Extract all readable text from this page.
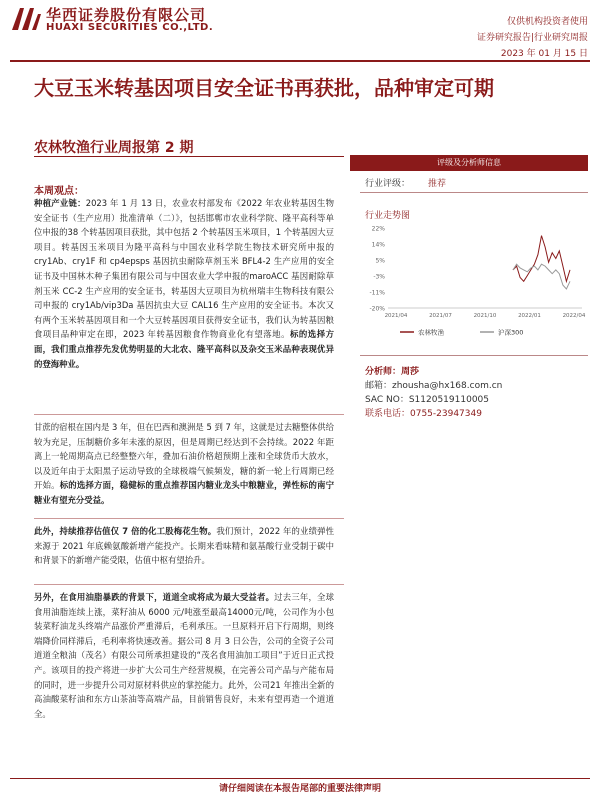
华西证券股份有限公司
HUAXI SECURITIES CO.,LTD.	仅供机构投资者使用
证券研究报告|行业研究周报
2023 年 01 月 15 日
大豆玉米转基因项目安全证书再获批，品种审定可期
农林牧渔行业周报第 2 期
评级及分析师信息
行业评级： 推荐
行业走势图
22%
14%
5%
-3%
-11%
-20%
2021/04	2021/07	2021/10	2022/01	2022/04
农林牧渔	沪深300
分析师：周莎
邮箱：zhousha@hx168.com.cn
SAC NO：S1120519110005
联系电话：0755-23947349
本周观点：
种植产业链：2023 年 1 月 13 日，农业农村部发布《2022 年农业转基因生物安全证书（生产应用）批准清单（二）》，包括邯郸市农业科学院、隆平高科等单位申报的38 个转基因项目获批，其中包括 2 个转基因玉米项目，1 个转基因大豆项目。转基因玉米项目为隆平高科与中国农业科学院生物技术研究所申报的cry1Ab、cry1F 和 cp4epsps 基因抗虫耐除草剂玉米 BFL4-2 生产应用的安全证书及中国林木种子集团有限公司与中国农业大学申报的maroACC 基因耐除草剂玉米 CC-2 生产应用的安全证书，转基因大豆项目为杭州瑞丰生物科技有限公司申报的 cry1Ab/vip3Da 基因抗虫大豆 CAL16 生产应用的安全证书。本次又有两个玉米转基因项目和一个大豆转基因项目获得安全证书，我们认为转基因粮食项目品种审定在即，2023 年转基因粮食作物商业化有望落地。标的选择方面，我们重点推荐先发优势明显的大北农、隆平高科以及杂交玉米品种表现优异的登海种业。
甘蔗的宿根在国内是 3 年，但在巴西和澳洲是 5 到 7 年，这就是过去糖整体供给较为充足，压制糖价多年未涨的原因，但是周期已经达到不会持续。2022 年距离上一轮周期高点已经整整六年，叠加石油价格超预期上涨和全球货币大放水，以及近年由于太阳黑子运动导致的全球极端气候频发，糖的新一轮上行周期已经开始。标的选择方面，稳健标的重点推荐国内糖业龙头中粮糖业，弹性标的南宁糖业有望充分受益。
此外，持续推荐估值仅 7 倍的化工股梅花生物。我们预计，2022 年的业绩弹性来源于 2021 年底赖氨酸新增产能投产。长期来看味精和氨基酸行业受制于碳中和背景下的新增产能受限，估值中枢有望抬升。
另外，在食用油脂暴跌的背景下，道道全或将成为最大受益者。过去三年，全球食用油脂连续上涨，菜籽油从 6000 元/吨涨至最高14000元/吨，公司作为小包装菜籽油龙头终端产品涨价严重滞后，毛利承压。一旦原料开启下行周期，则终端降价同样滞后，毛利率将快速改善。据公司 8 月 3 日公告，公司的全资子公司道道全粮油（茂名）有限公司所承担建设的“茂名食用油加工项目”于近日正式投产。该项目的投产将进一步扩大公司生产经营规模，在完善公司产品与产能布局的同时，进一步提升公司对原材料供应的掌控能力。此外，公司21 年推出全新的高油酸菜籽油和东方山茶油等高端产品，目前销售良好，未来有望再造一个道道全。
请仔细阅读在本报告尾部的重要法律声明
